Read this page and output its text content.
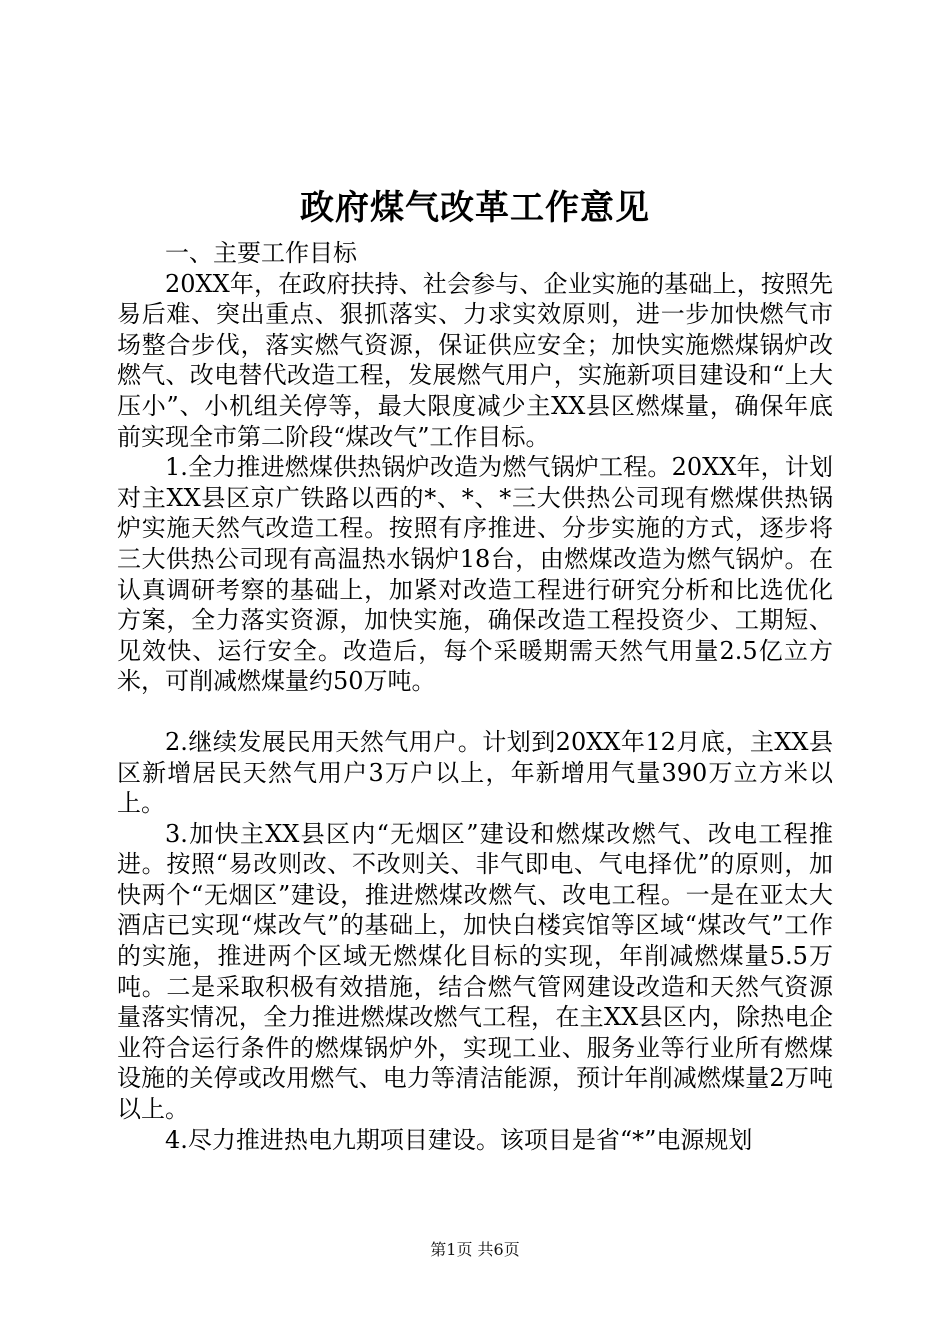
政府煤气改革工作意见

一、主要工作目标

20XX年，在政府扶持、社会参与、企业实施的基础上，按照先易后难、突出重点、狠抓落实、力求实效原则，进一步加快燃气市场整合步伐，落实燃气资源，保证供应安全；加快实施燃煤锅炉改燃气、改电替代改造工程，发展燃气用户，实施新项目建设和“上大压小”、小机组关停等，最大限度减少主XX县区燃煤量，确保年底前实现全市第二阶段“煤改气”工作目标。

1.全力推进燃煤供热锅炉改造为燃气锅炉工程。20XX年，计划对主XX县区京广铁路以西的*、*、*三大供热公司现有燃煤供热锅炉实施天然气改造工程。按照有序推进、分步实施的方式，逐步将三大供热公司现有高温热水锅炉18台，由燃煤改造为燃气锅炉。在认真调研考察的基础上，加紧对改造工程进行研究分析和比选优化方案，全力落实资源，加快实施，确保改造工程投资少、工期短、见效快、运行安全。改造后，每个采暖期需天然气用量2.5亿立方米，可削减燃煤量约50万吨。

2.继续发展民用天然气用户。计划到20XX年12月底，主XX县区新增居民天然气用户3万户以上，年新增用气量390万立方米以上。

3.加快主XX县区内“无烟区”建设和燃煤改燃气、改电工程推进。按照“易改则改、不改则关、非气即电、气电择优”的原则，加快两个“无烟区”建设，推进燃煤改燃气、改电工程。一是在亚太大酒店已实现“煤改气”的基础上，加快白楼宾馆等区域“煤改气”工作的实施，推进两个区域无燃煤化目标的实现，年削减燃煤量5.5万吨。二是采取积极有效措施，结合燃气管网建设改造和天然气资源量落实情况，全力推进燃煤改燃气工程，在主XX县区内，除热电企业符合运行条件的燃煤锅炉外，实现工业、服务业等行业所有燃煤设施的关停或改用燃气、电力等清洁能源，预计年削减燃煤量2万吨以上。

4.尽力推进热电九期项目建设。该项目是省“*”电源规划

第1页 共6页
